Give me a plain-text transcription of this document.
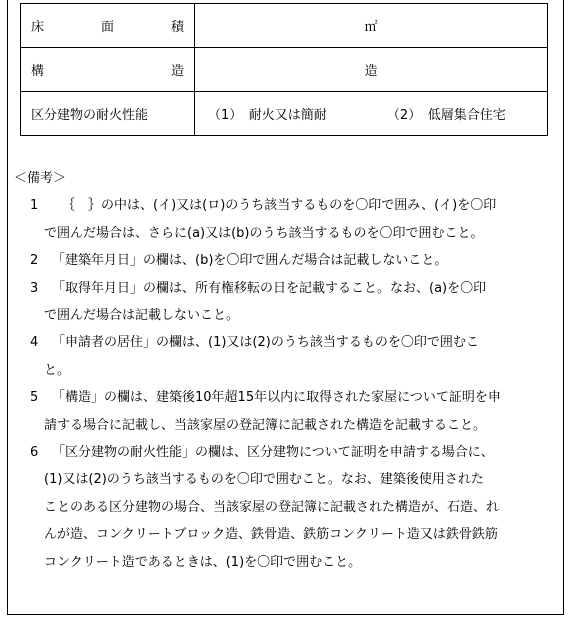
床 面 積	㎡

構 造	造
区分建物の耐火性能	（1）　耐火又は簡耐 （2）　低層集合住宅
＜備考＞
1	｛　｝の中は、(イ)又は(ロ)のうち該当するものを〇印で囲み、(イ)を〇印
で囲んだ場合は、さらに(a)又は(b)のうち該当するものを〇印で囲むこと。
2	「建築年月日」の欄は、(b)を〇印で囲んだ場合は記載しないこと。
3	「取得年月日」の欄は、所有権移転の日を記載すること。なお、(a)を〇印
で囲んだ場合は記載しないこと。
4	「申請者の居住」の欄は、(1)又は(2)のうち該当するものを〇印で囲むこ
と。
5	「構造」の欄は、建築後10年超15年以内に取得された家屋について証明を申
請する場合に記載し、当該家屋の登記簿に記載された構造を記載すること。
6	「区分建物の耐火性能」の欄は、区分建物について証明を申請する場合に、
(1)又は(2)のうち該当するものを〇印で囲むこと。なお、建築後使用された
ことのある区分建物の場合、当該家屋の登記簿に記載された構造が、石造、れ
んが造、コンクリートブロック造、鉄骨造、鉄筋コンクリート造又は鉄骨鉄筋
コンクリート造であるときは、(1)を〇印で囲むこと。
